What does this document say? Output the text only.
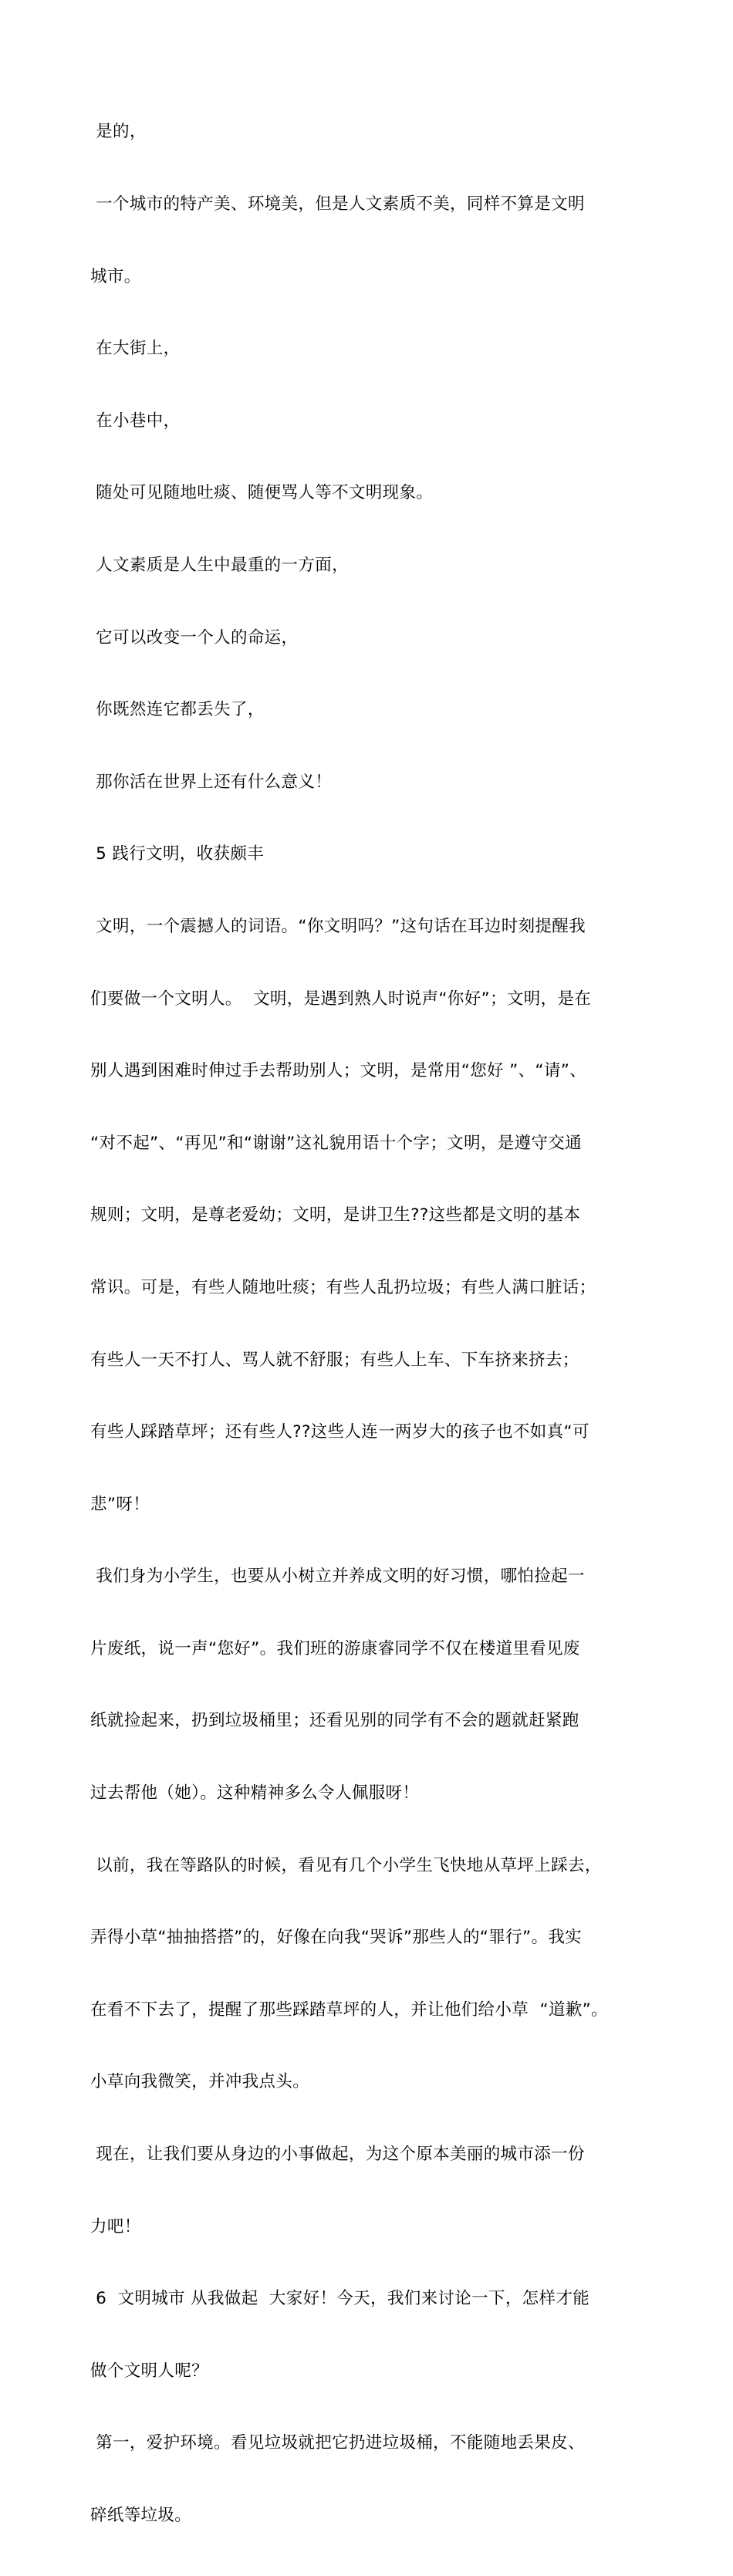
是的，

一个城市的特产美、环境美，但是人文素质不美，同样不算是文明

城市。

在大街上，

在小巷中，

随处可见随地吐痰、随便骂人等不文明现象。

人文素质是人生中最重的一方面，

它可以改变一个人的命运，

你既然连它都丢失了，

那你活在世界上还有什么意义！

5 践行文明，收获颇丰

文明，一个震撼人的词语。“你文明吗？”这句话在耳边时刻提醒我

们要做一个文明人。  文明，是遇到熟人时说声“你好”；文明，是在

别人遇到困难时伸过手去帮助别人；文明，是常用“您好 ”、“请”、

“对不起”、“再见”和“谢谢”这礼貌用语十个字；文明，是遵守交通

规则；文明，是尊老爱幼；文明，是讲卫生??这些都是文明的基本

常识。可是，有些人随地吐痰；有些人乱扔垃圾；有些人满口脏话；

有些人一天不打人、骂人就不舒服；有些人上车、下车挤来挤去；

有些人踩踏草坪；还有些人??这些人连一两岁大的孩子也不如真“可

悲”呀！

我们身为小学生，也要从小树立并养成文明的好习惯，哪怕捡起一

片废纸，说一声“您好”。我们班的游康睿同学不仅在楼道里看见废

纸就捡起来，扔到垃圾桶里；还看见别的同学有不会的题就赶紧跑

过去帮他（她）。这种精神多么令人佩服呀！

以前，我在等路队的时候，看见有几个小学生飞快地从草坪上踩去，

弄得小草“抽抽搭搭”的，好像在向我“哭诉”那些人的“罪行”。我实

在看不下去了，提醒了那些踩踏草坪的人，并让他们给小草  “道歉”。

小草向我微笑，并冲我点头。

现在，让我们要从身边的小事做起，为这个原本美丽的城市添一份

力吧！

6  文明城市 从我做起  大家好！今天，我们来讨论一下，怎样才能

做个文明人呢？

第一，爱护环境。看见垃圾就把它扔进垃圾桶，不能随地丢果皮、

碎纸等垃圾。
